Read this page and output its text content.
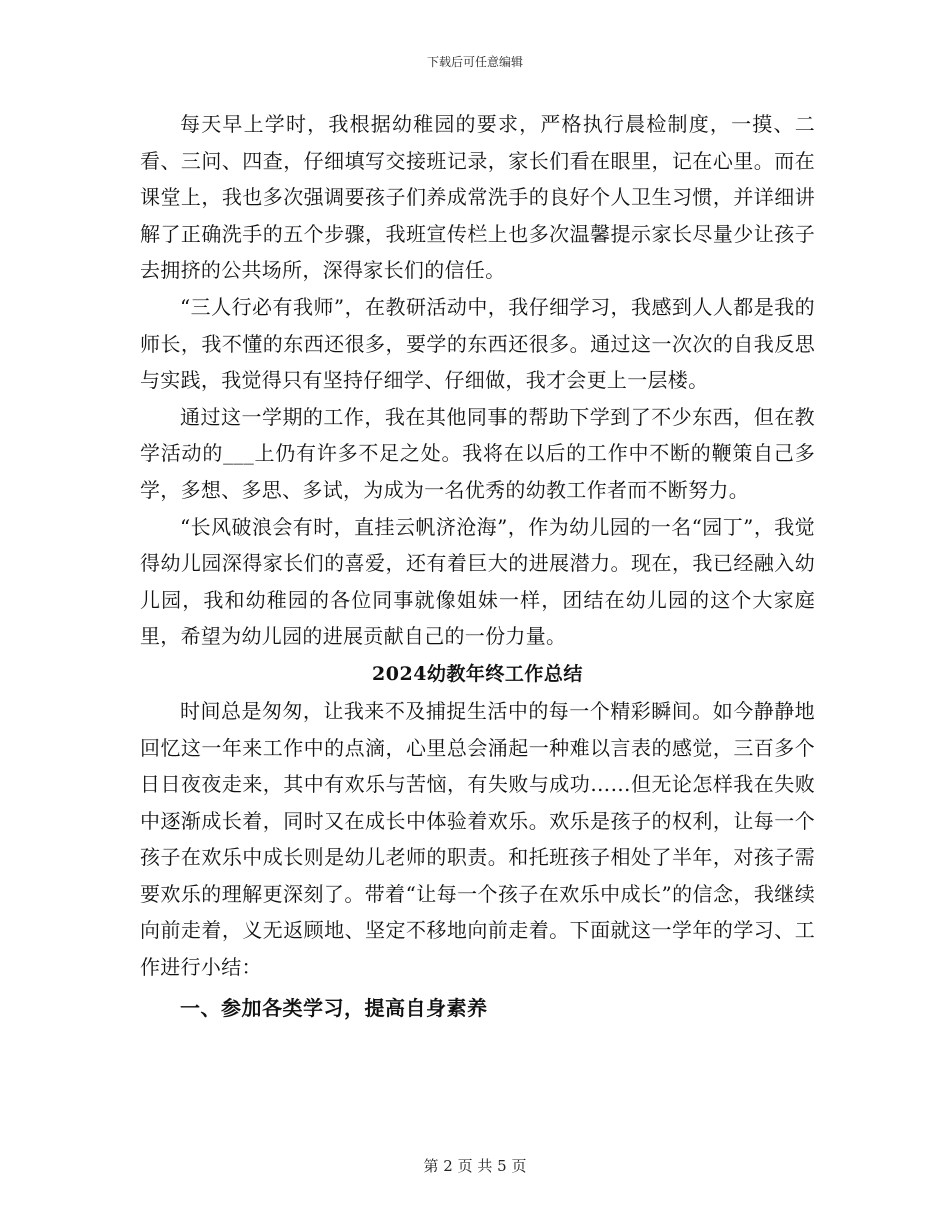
下载后可任意编辑

每天早上学时，我根据幼稚园的要求，严格执行晨检制度，一摸、二看、三问、四查，仔细填写交接班记录，家长们看在眼里，记在心里。而在课堂上，我也多次强调要孩子们养成常洗手的良好个人卫生习惯，并详细讲解了正确洗手的五个步骤，我班宣传栏上也多次温馨提示家长尽量少让孩子去拥挤的公共场所，深得家长们的信任。

“三人行必有我师”，在教研活动中，我仔细学习，我感到人人都是我的师长，我不懂的东西还很多，要学的东西还很多。通过这一次次的自我反思与实践，我觉得只有坚持仔细学、仔细做，我才会更上一层楼。

通过这一学期的工作，我在其他同事的帮助下学到了不少东西，但在教学活动的___上仍有许多不足之处。我将在以后的工作中不断的鞭策自己多学，多想、多思、多试，为成为一名优秀的幼教工作者而不断努力。

“长风破浪会有时，直挂云帆济沧海”，作为幼儿园的一名“园丁”，我觉得幼儿园深得家长们的喜爱，还有着巨大的进展潜力。现在，我已经融入幼儿园，我和幼稚园的各位同事就像姐妹一样，团结在幼儿园的这个大家庭里，希望为幼儿园的进展贡献自己的一份力量。

2024幼教年终工作总结

时间总是匆匆，让我来不及捕捉生活中的每一个精彩瞬间。如今静静地回忆这一年来工作中的点滴，心里总会涌起一种难以言表的感觉，三百多个日日夜夜走来，其中有欢乐与苦恼，有失败与成功……但无论怎样我在失败中逐渐成长着，同时又在成长中体验着欢乐。欢乐是孩子的权利，让每一个孩子在欢乐中成长则是幼儿老师的职责。和托班孩子相处了半年，对孩子需要欢乐的理解更深刻了。带着“让每一个孩子在欢乐中成长”的信念，我继续向前走着，义无返顾地、坚定不移地向前走着。下面就这一学年的学习、工作进行小结：

一、参加各类学习，提高自身素养
第 2 页 共 5 页
